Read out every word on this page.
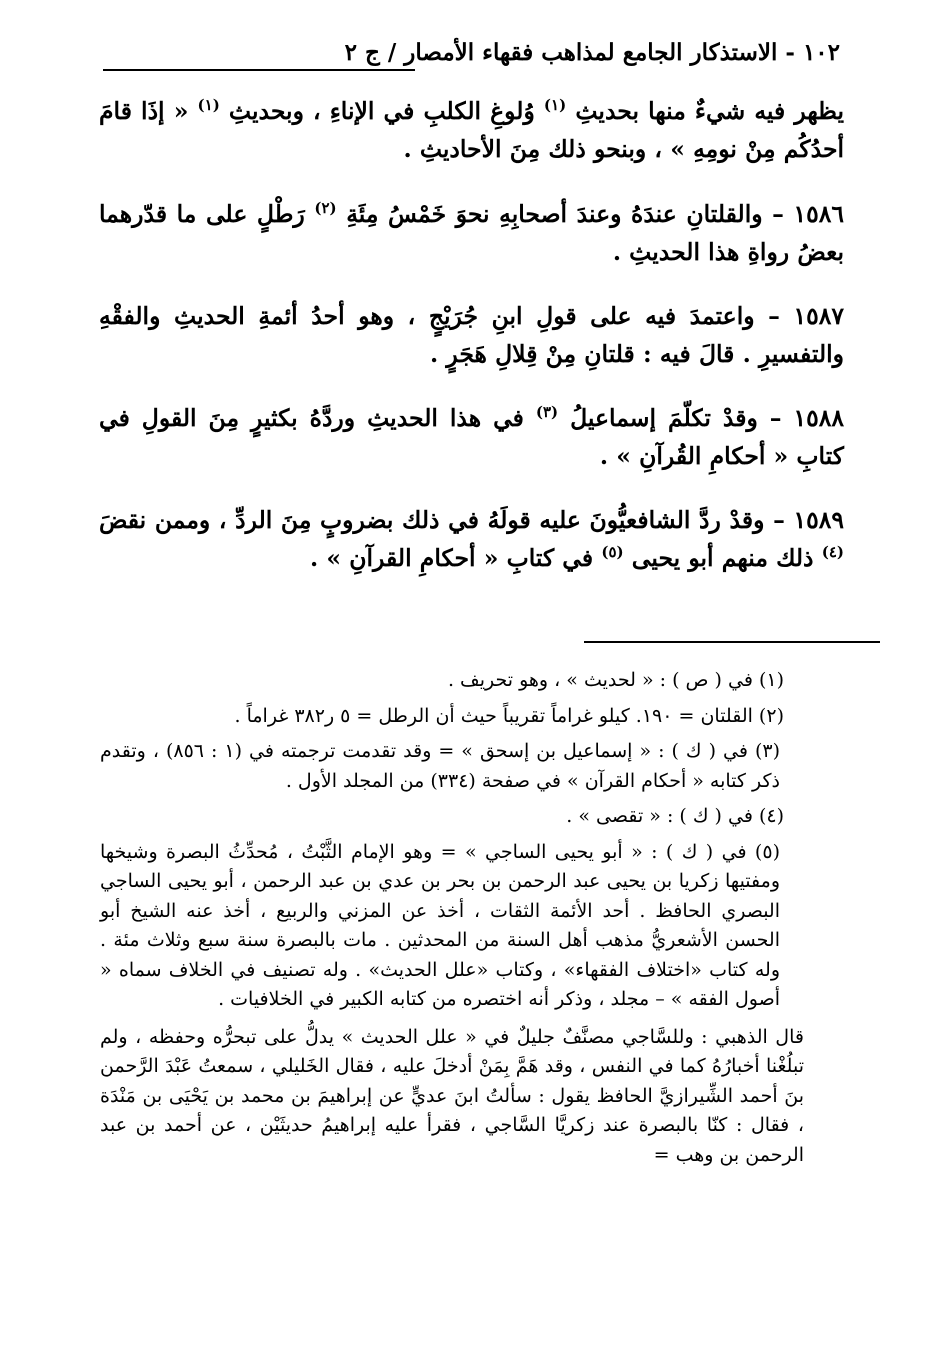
١٠٢ - الاستذكار الجامع لمذاهب فقهاء الأمصار / ج ٢

يظهر فيه شيءٌ منها بحديثِ $^{(١)}$ وُلوغِ الكلبِ في الإناءِ ، وبحديثِ $^{(١)}$ « إذَا قامَ أحدُكُم مِنْ نومِهِ » ، وبنحو ذلك مِنَ الأحاديثِ .

١٥٨٦ – والقلتانِ عندَهُ وعندَ أصحابِهِ نحوَ خَمْسُ مِئَةِ $^{(٢)}$ رَطْلٍ على ما قدّرهما بعضُ رواةِ هذا الحديثِ .

١٥٨٧ – واعتمدَ فيه على قولِ ابنِ جُرَيْجٍ ، وهو أحدُ أئمةِ الحديثِ والفقْهِ والتفسيرِ . قالَ فيه : قلتانِ مِنْ قِلالِ هَجَرٍ .

١٥٨٨ – وقدْ تكلّمَ إسماعيلُ $^{(٣)}$ في هذا الحديثِ وردَّهُ بكثيرٍ مِنَ القولِ في كتابِ « أحكامِ القُرآنِ » .

١٥٨٩ – وقدْ ردَّ الشافعيُّونَ عليه قولَهُ في ذلك بضروبٍ مِنَ الردِّ ، وممن نقضَ $^{(٤)}$ ذلك منهم أبو يحيى $^{(٥)}$ في كتابِ « أحكامِ القرآنِ » .

(١) في ( ص ) : « لحديث » ، وهو تحريف .

(٢) القلتان = ١٩٠. كيلو غراماً تقريباً حيث أن الرطل = ٥ ر٣٨٢ غراماً .

(٣) في ( ك ) : « إسماعيل بن إسحق » = وقد تقدمت ترجمته في (١ : ٨٥٦) ، وتقدم ذكر كتابه « أحكام القرآن » في صفحة (٣٣٤) من المجلد الأول .

(٤) في ( ك ) : « تقصى » .

(٥) في ( ك ) : « أبو يحيى الساجي » = وهو الإمام الثَّبْتُ ، مُحدِّثُ البصرة وشيخها ومفتيها زكريا بن يحيى عبد الرحمن بن بحر بن عدي بن عبد الرحمن ، أبو يحيى الساجي البصري الحافظ . أحد الأئمة الثقات ، أخذ عن المزني والربيع ، أخذ عنه الشيخ أبو الحسن الأشعريُّ مذهب أهل السنة من المحدثين . مات بالبصرة سنة سبع وثلاث مئة . وله كتاب «اختلاف الفقهاء» ، وكتاب «علل الحديث» . وله تصنيف في الخلاف سماه « أصول الفقه » – مجلد ، وذكر أنه اختصره من كتابه الكبير في الخلافيات .

قال الذهبي : وللسَّاجي مصنَّفٌ جليلٌ في « علل الحديث » يدلُّ على تبحرُّه وحفظه ، ولم تبلُغْنا أخبارُهُ كما في النفس ، وقد هَمَّ بِمَنْ أدخلَ عليه ، فقال الخَليلي ، سمعتُ عَبْدَ الرَّحمن بنَ أحمد الشِّيرازيَّ الحافظ يقول : سألتُ ابنَ عديٍّ عن إبراهيمَ بن محمد بن يَحْيَى بن مَنْدَة ، فقال : كنّا بالبصرة عند زكريَّا السَّاجي ، فقرأ عليه إبراهيمُ حديثَيْن ، عن أحمد بن عبد الرحمن بن وهب =
